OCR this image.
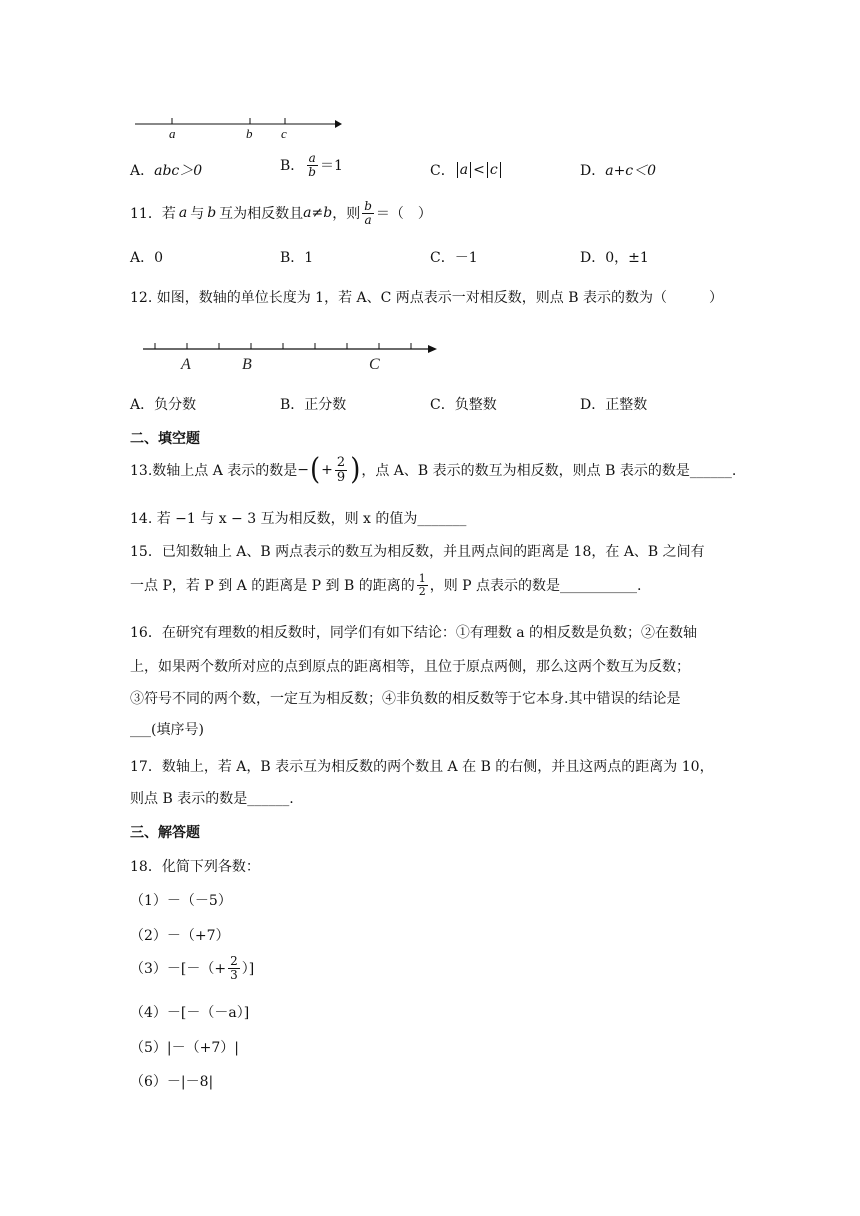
a	b c
A． abc＞0	B． $\frac{a}{b} =1$	C． a < c	D． a+c＜0
11．若 a 与 b 互为相反数且 a≠b ，则 $\frac{b}{a}$ ＝（　）
A．0	B．1	C．－1	D．0，±1
12. 如图，数轴的单位长度为 1，若 A、C 两点表示一对相反数，则点 B 表示的数为（　　　）
A	B	C
A．负分数	B．正分数	C．负整数	D．正整数
二、填空题
13.数轴上点 A 表示的数是 − ( + $\frac{2}{9}$ ) ，点 A、B 表示的数互为相反数，则点 B 表示的数是______.
14. 若 −1 与 x − 3 互为相反数，则 x 的值为_______
15．已知数轴上 A、B 两点表示的数互为相反数，并且两点间的距离是 18，在 A、B 之间有
一点 P，若 P 到 A 的距离是 P 到 B 的距离的 $\frac{1}{2}$ ，则 P 点表示的数是___________.
16．在研究有理数的相反数时，同学们有如下结论：①有理数 a 的相反数是负数；②在数轴
上，如果两个数所对应的点到原点的距离相等，且位于原点两侧，那么这两个数互为反数；
③符号不同的两个数，一定互为相反数；④非负数的相反数等于它本身.其中错误的结论是
___(填序号)
17．数轴上，若 A，B 表示互为相反数的两个数且 A 在 B 的右侧，并且这两点的距离为 10，
则点 B 表示的数是______.
三、解答题
18．化简下列各数：
（1）－（－5）
（2）－（+7）
$(3)-[-(+ \frac{2}{3}$ ）]
（4）－[－（－a）]
（5）|－（+7）|
（6）－|－8|
